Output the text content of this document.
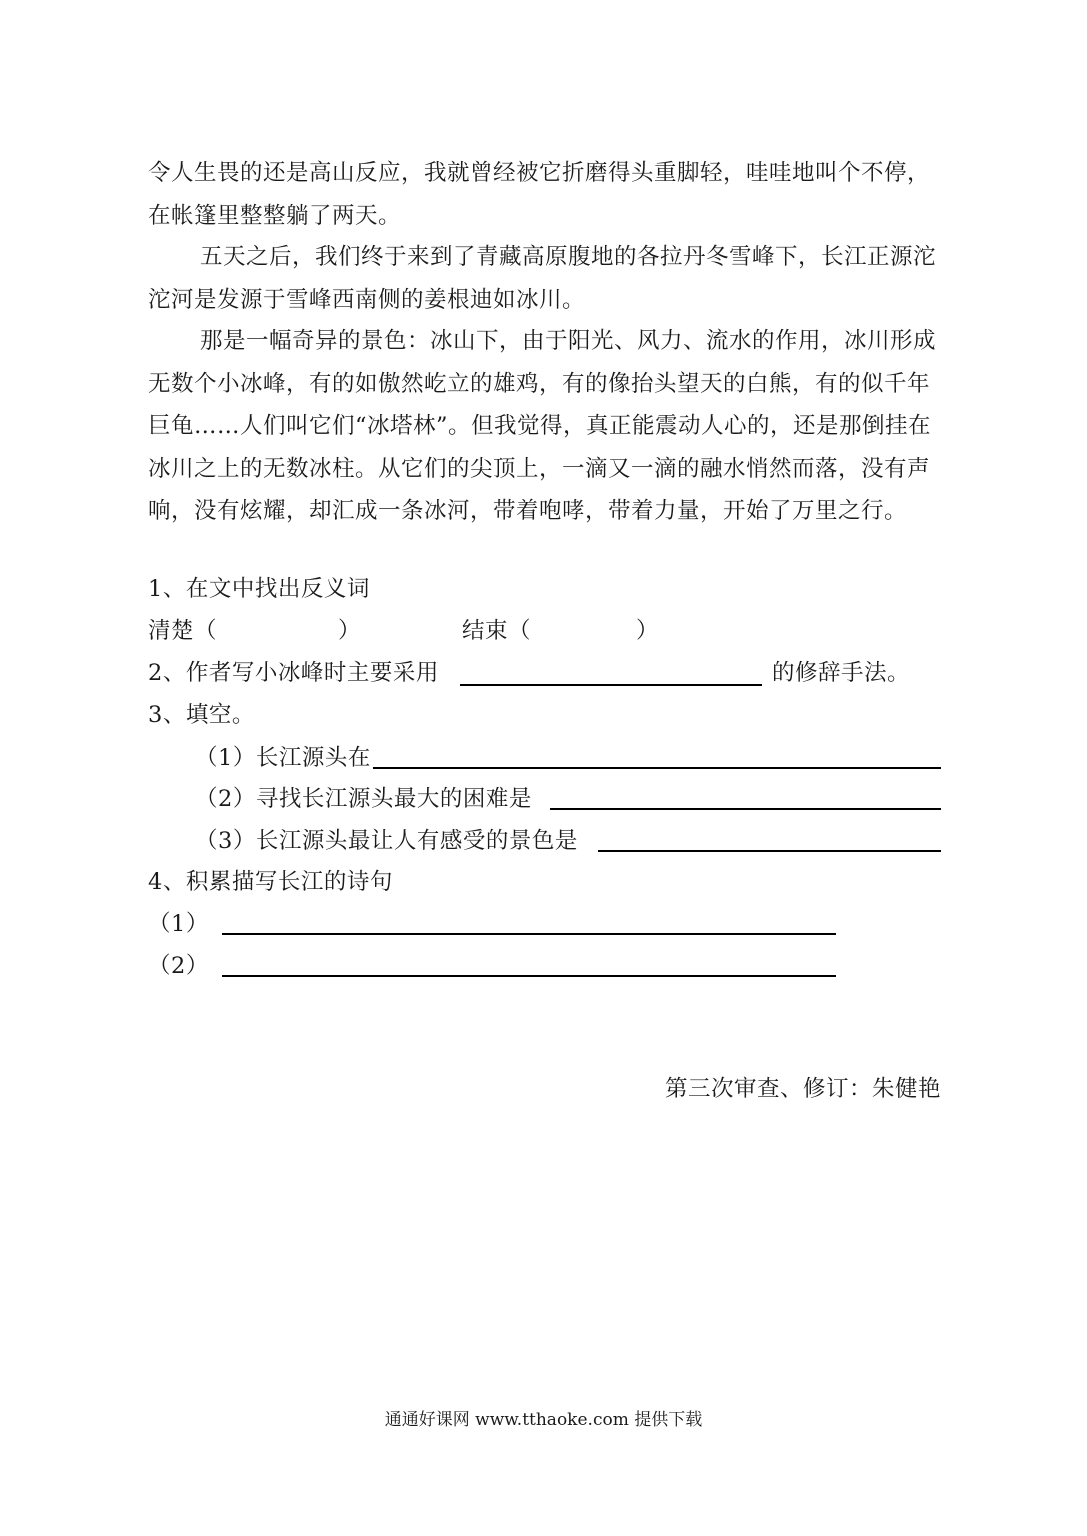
令人生畏的还是高山反应，我就曾经被它折磨得头重脚轻，哇哇地叫个不停，在帐篷里整整躺了两天。
五天之后，我们终于来到了青藏高原腹地的各拉丹冬雪峰下，长江正源沱沱河是发源于雪峰西南侧的姜根迪如冰川。
那是一幅奇异的景色：冰山下，由于阳光、风力、流水的作用，冰川形成无数个小冰峰，有的如傲然屹立的雄鸡，有的像抬头望天的白熊，有的似千年巨龟……人们叫它们“冰塔林”。但我觉得，真正能震动人心的，还是那倒挂在冰川之上的无数冰柱。从它们的尖顶上，一滴又一滴的融水悄然而落，没有声响，没有炫耀，却汇成一条冰河，带着咆哮，带着力量，开始了万里之行。
1、在文中找出反义词
清楚（	）	结束（	）
2、作者写小冰峰时主要采用	的修辞手法。
3、填空。
（1）长江源头在
（2）寻找长江源头最大的困难是
（3）长江源头最让人有感受的景色是
4、积累描写长江的诗句
（1）
（2）
第三次审查、修订：朱健艳
通通好课网 www.tthaoke.com 提供下载
